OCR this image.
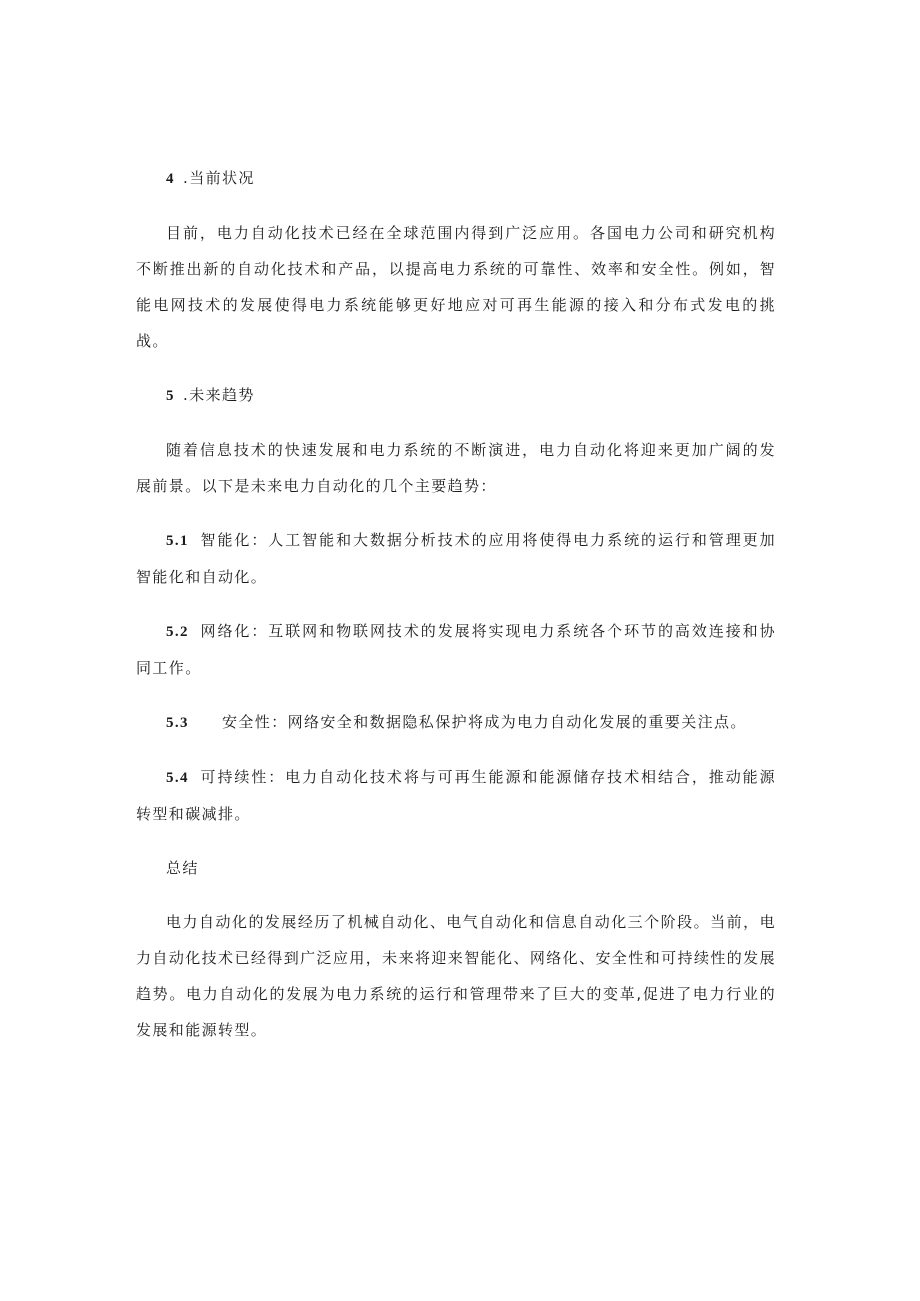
4 .当前状况
目前，电力自动化技术已经在全球范围内得到广泛应用。各国电力公司和研究机构
不断推出新的自动化技术和产品，以提高电力系统的可靠性、效率和安全性。例如，智
能电网技术的发展使得电力系统能够更好地应对可再生能源的接入和分布式发电的挑
战。
5 .未来趋势
随着信息技术的快速发展和电力系统的不断演进，电力自动化将迎来更加广阔的发
展前景。以下是未来电力自动化的几个主要趋势：
5.1 智能化：人工智能和大数据分析技术的应用将使得电力系统的运行和管理更加
智能化和自动化。
5.2 网络化：互联网和物联网技术的发展将实现电力系统各个环节的高效连接和协
同工作。
5.3 安全性：网络安全和数据隐私保护将成为电力自动化发展的重要关注点。
5.4 可持续性：电力自动化技术将与可再生能源和能源储存技术相结合，推动能源
转型和碳减排。
总结
电力自动化的发展经历了机械自动化、电气自动化和信息自动化三个阶段。当前，电
力自动化技术已经得到广泛应用，未来将迎来智能化、网络化、安全性和可持续性的发展
趋势。电力自动化的发展为电力系统的运行和管理带来了巨大的变革,促进了电力行业的
发展和能源转型。
